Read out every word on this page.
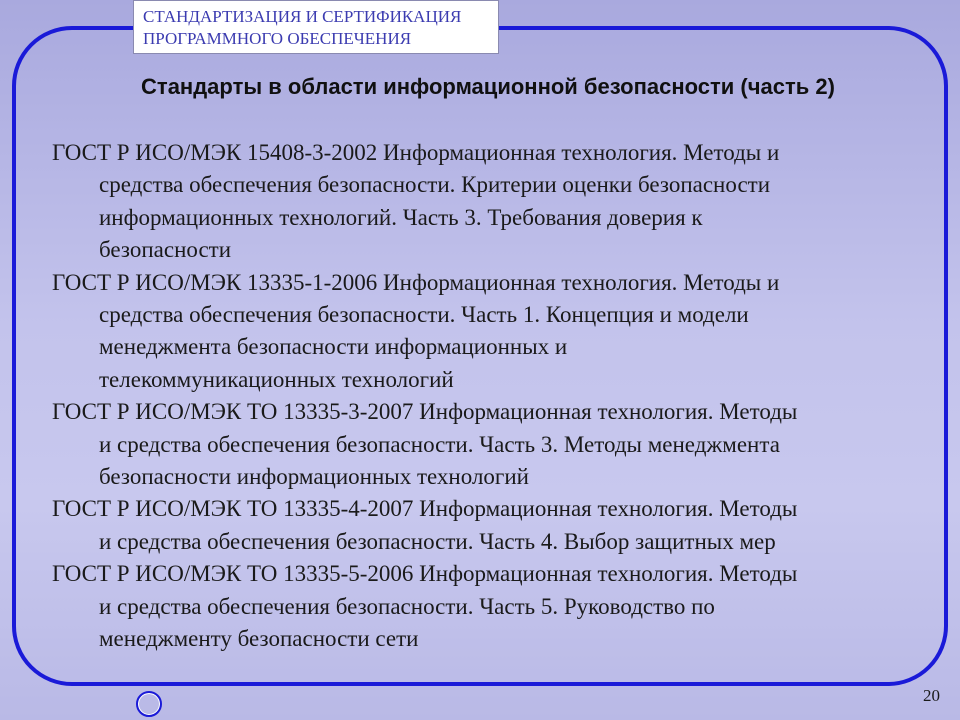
СТАНДАРТИЗАЦИЯ И СЕРТИФИКАЦИЯ
ПРОГРАММНОГО ОБЕСПЕЧЕНИЯ
Стандарты в области информационной безопасности (часть 2)
ГОСТ Р ИСО/МЭК 15408-3-2002 Информационная технология. Методы и
средства обеспечения безопасности. Критерии оценки безопасности
информационных технологий. Часть 3. Требования доверия к
безопасности
ГОСТ Р ИСО/МЭК 13335-1-2006 Информационная технология. Методы и
средства обеспечения безопасности. Часть 1. Концепция и модели
менеджмента безопасности информационных и
телекоммуникационных технологий
ГОСТ Р ИСО/МЭК ТО 13335-3-2007 Информационная технология. Методы
и средства обеспечения безопасности. Часть 3. Методы менеджмента
безопасности информационных технологий
ГОСТ Р ИСО/МЭК ТО 13335-4-2007 Информационная технология. Методы
и средства обеспечения безопасности. Часть 4. Выбор защитных мер
ГОСТ Р ИСО/МЭК ТО 13335-5-2006 Информационная технология. Методы
и средства обеспечения безопасности. Часть 5. Руководство по
менеджменту безопасности сети
20
